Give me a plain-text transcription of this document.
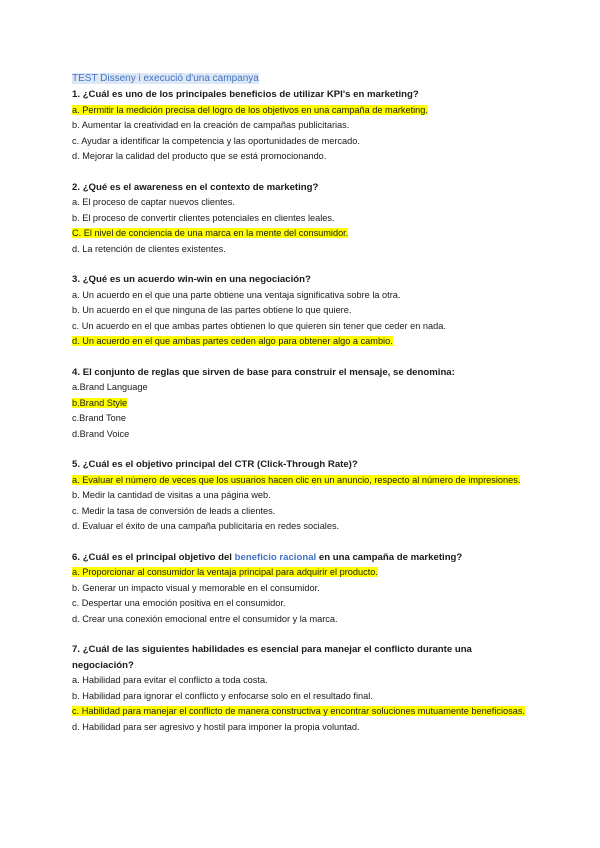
TEST Disseny i execució d'una campanya

1. ¿Cuál es uno de los principales beneficios de utilizar KPI's en marketing?

a. Permitir la medición precisa del logro de los objetivos en una campaña de marketing.

b. Aumentar la creatividad en la creación de campañas publicitarias.

c. Ayudar a identificar la competencia y las oportunidades de mercado.

d. Mejorar la calidad del producto que se está promocionando.

2. ¿Qué es el awareness en el contexto de marketing?

a. El proceso de captar nuevos clientes.

b. El proceso de convertir clientes potenciales en clientes leales.

C. El nivel de conciencia de una marca en la mente del consumidor.

d. La retención de clientes existentes.

3. ¿Qué es un acuerdo win-win en una negociación?

a. Un acuerdo en el que una parte obtiene una ventaja significativa sobre la otra.

b. Un acuerdo en el que ninguna de las partes obtiene lo que quiere.

c. Un acuerdo en el que ambas partes obtienen lo que quieren sin tener que ceder en nada.

d. Un acuerdo en el que ambas partes ceden algo para obtener algo a cambio.

4. El conjunto de reglas que sirven de base para construir el mensaje, se denomina:

a.Brand Language

b.Brand Style

c.Brand Tone

d.Brand Voice

5. ¿Cuál es el objetivo principal del CTR (Click-Through Rate)?

a. Evaluar el número de veces que los usuarios hacen clic en un anuncio, respecto al número de impresiones.

b. Medir la cantidad de visitas a una página web.

c. Medir la tasa de conversión de leads a clientes.

d. Evaluar el éxito de una campaña publicitaria en redes sociales.

6. ¿Cuál es el principal objetivo del beneficio racional en una campaña de marketing?

a. Proporcionar al consumidor la ventaja principal para adquirir el producto.

b. Generar un impacto visual y memorable en el consumidor.

c. Despertar una emoción positiva en el consumidor.

d. Crear una conexión emocional entre el consumidor y la marca.

7. ¿Cuál de las siguientes habilidades es esencial para manejar el conflicto durante una negociación?

a. Habilidad para evitar el conflicto a toda costa.

b. Habilidad para ignorar el conflicto y enfocarse solo en el resultado final.

c. Habilidad para manejar el conflicto de manera constructiva y encontrar soluciones mutuamente beneficiosas.

d. Habilidad para ser agresivo y hostil para imponer la propia voluntad.
